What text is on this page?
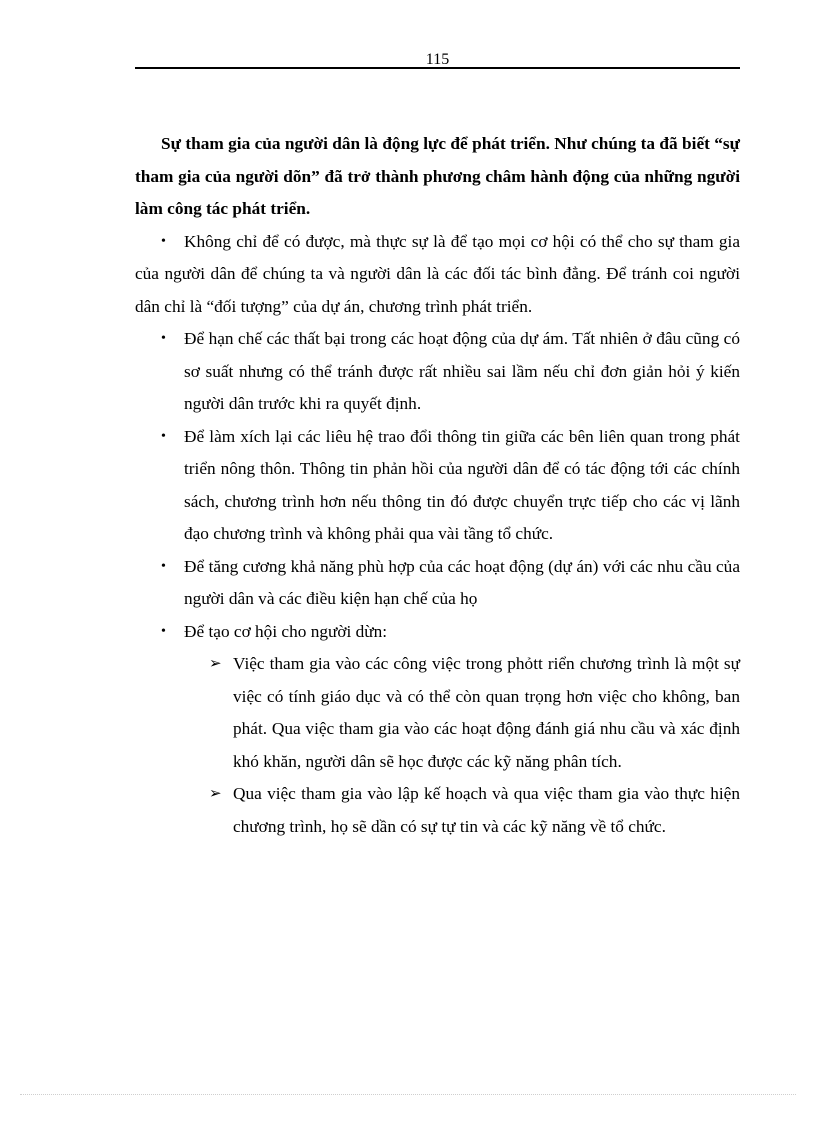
115

Sự tham gia của người dân là động lực để phát triển. Như chúng ta đã biết “sự tham gia của người dõn” đã trở thành phương châm hành động của những người làm công tác phát triển.

•	Không chỉ để có được, mà thực sự là để tạo mọi cơ hội có thể cho sự tham gia của người dân để chúng ta và người dân là các đối tác bình đẳng. Để tránh coi người dân chỉ là “đối tượng” của dự án, chương trình phát triển.
•	Để hạn chế các thất bại trong các hoạt động của dự ám. Tất nhiên ở đâu cũng có sơ suất nhưng có thể tránh được rất nhiều sai lầm nếu chỉ đơn giản hỏi ý kiến người dân trước khi ra quyết định.
•	Để làm xích lại các liêu hệ trao đổi thông tin giữa các bên liên quan trong phát triển nông thôn. Thông tin phản hồi của người dân để có tác động tới các chính sách, chương trình hơn nếu thông tin đó được chuyển trực tiếp cho các vị lãnh đạo chương trình và không phải qua vài tầng tổ chức.
•	Để tăng cương khả năng phù hợp của các hoạt động (dự án) với các nhu cầu của người dân và các điều kiện hạn chế của họ
•	Để tạo cơ hội cho người dừn:
➢ Việc tham gia vào các công việc trong phỏtt riển chương trình là một sự việc có tính giáo dục và có thể còn quan trọng hơn việc cho không, ban phát. Qua việc tham gia vào các hoạt động đánh giá nhu cầu và xác định khó khăn, người dân sẽ học được các kỹ năng phân tích.
➢ Qua việc tham gia vào lập kế hoạch và qua việc tham gia vào thực hiện chương trình, họ sẽ dần có sự tự tin và các kỹ năng về tổ chức.
